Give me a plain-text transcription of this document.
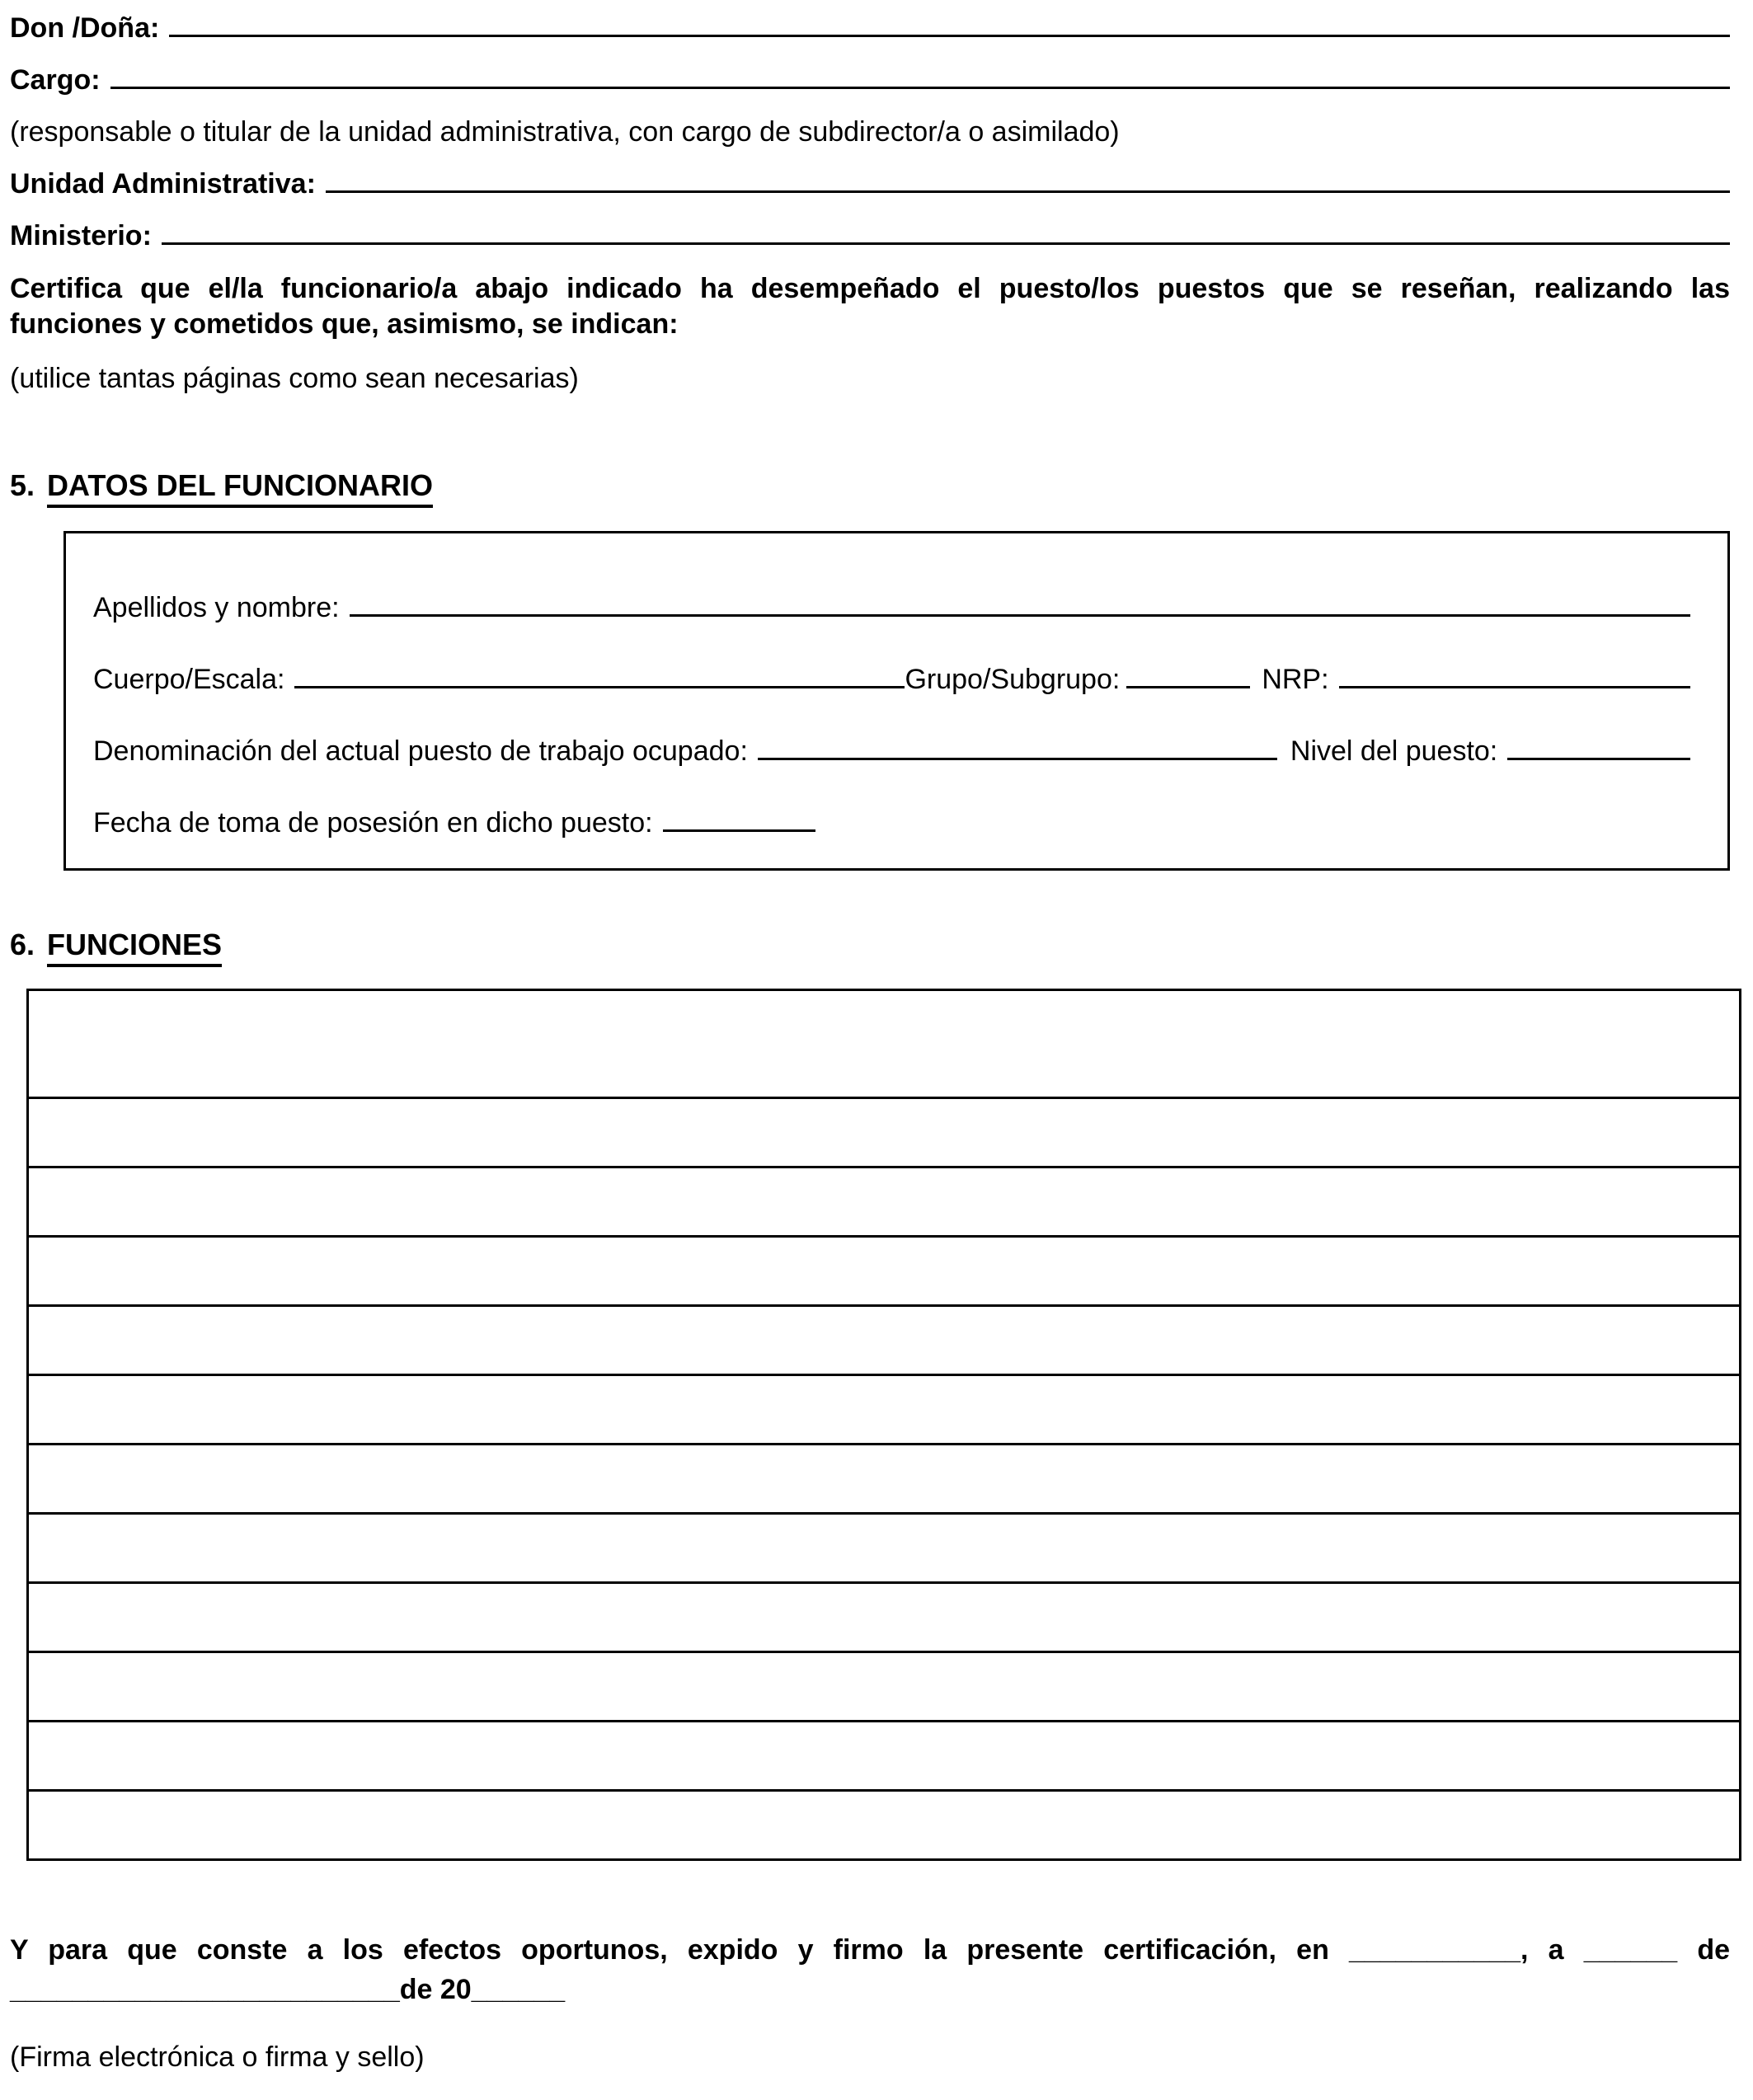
Don /Doña:
Cargo:
(responsable o titular de la unidad administrativa, con cargo de subdirector/a o asimilado)
Unidad Administrativa:
Ministerio:
Certifica que el/la funcionario/a abajo indicado ha desempeñado el puesto/los puestos que se reseñan, realizando las
funciones y cometidos que, asimismo, se indican:
(utilice tantas páginas como sean necesarias)
5. DATOS DEL FUNCIONARIO
Apellidos y nombre:
Cuerpo/Escala:	Grupo/Subgrupo:	NRP:
Denominación del actual puesto de trabajo ocupado:	Nivel del puesto:
Fecha de toma de posesión en dicho puesto:
6. FUNCIONES

Y para que conste a los efectos oportunos, expido y firmo la presente certificación, en ___________, a ______ de
_________________________de 20______
(Firma electrónica o firma y sello)
